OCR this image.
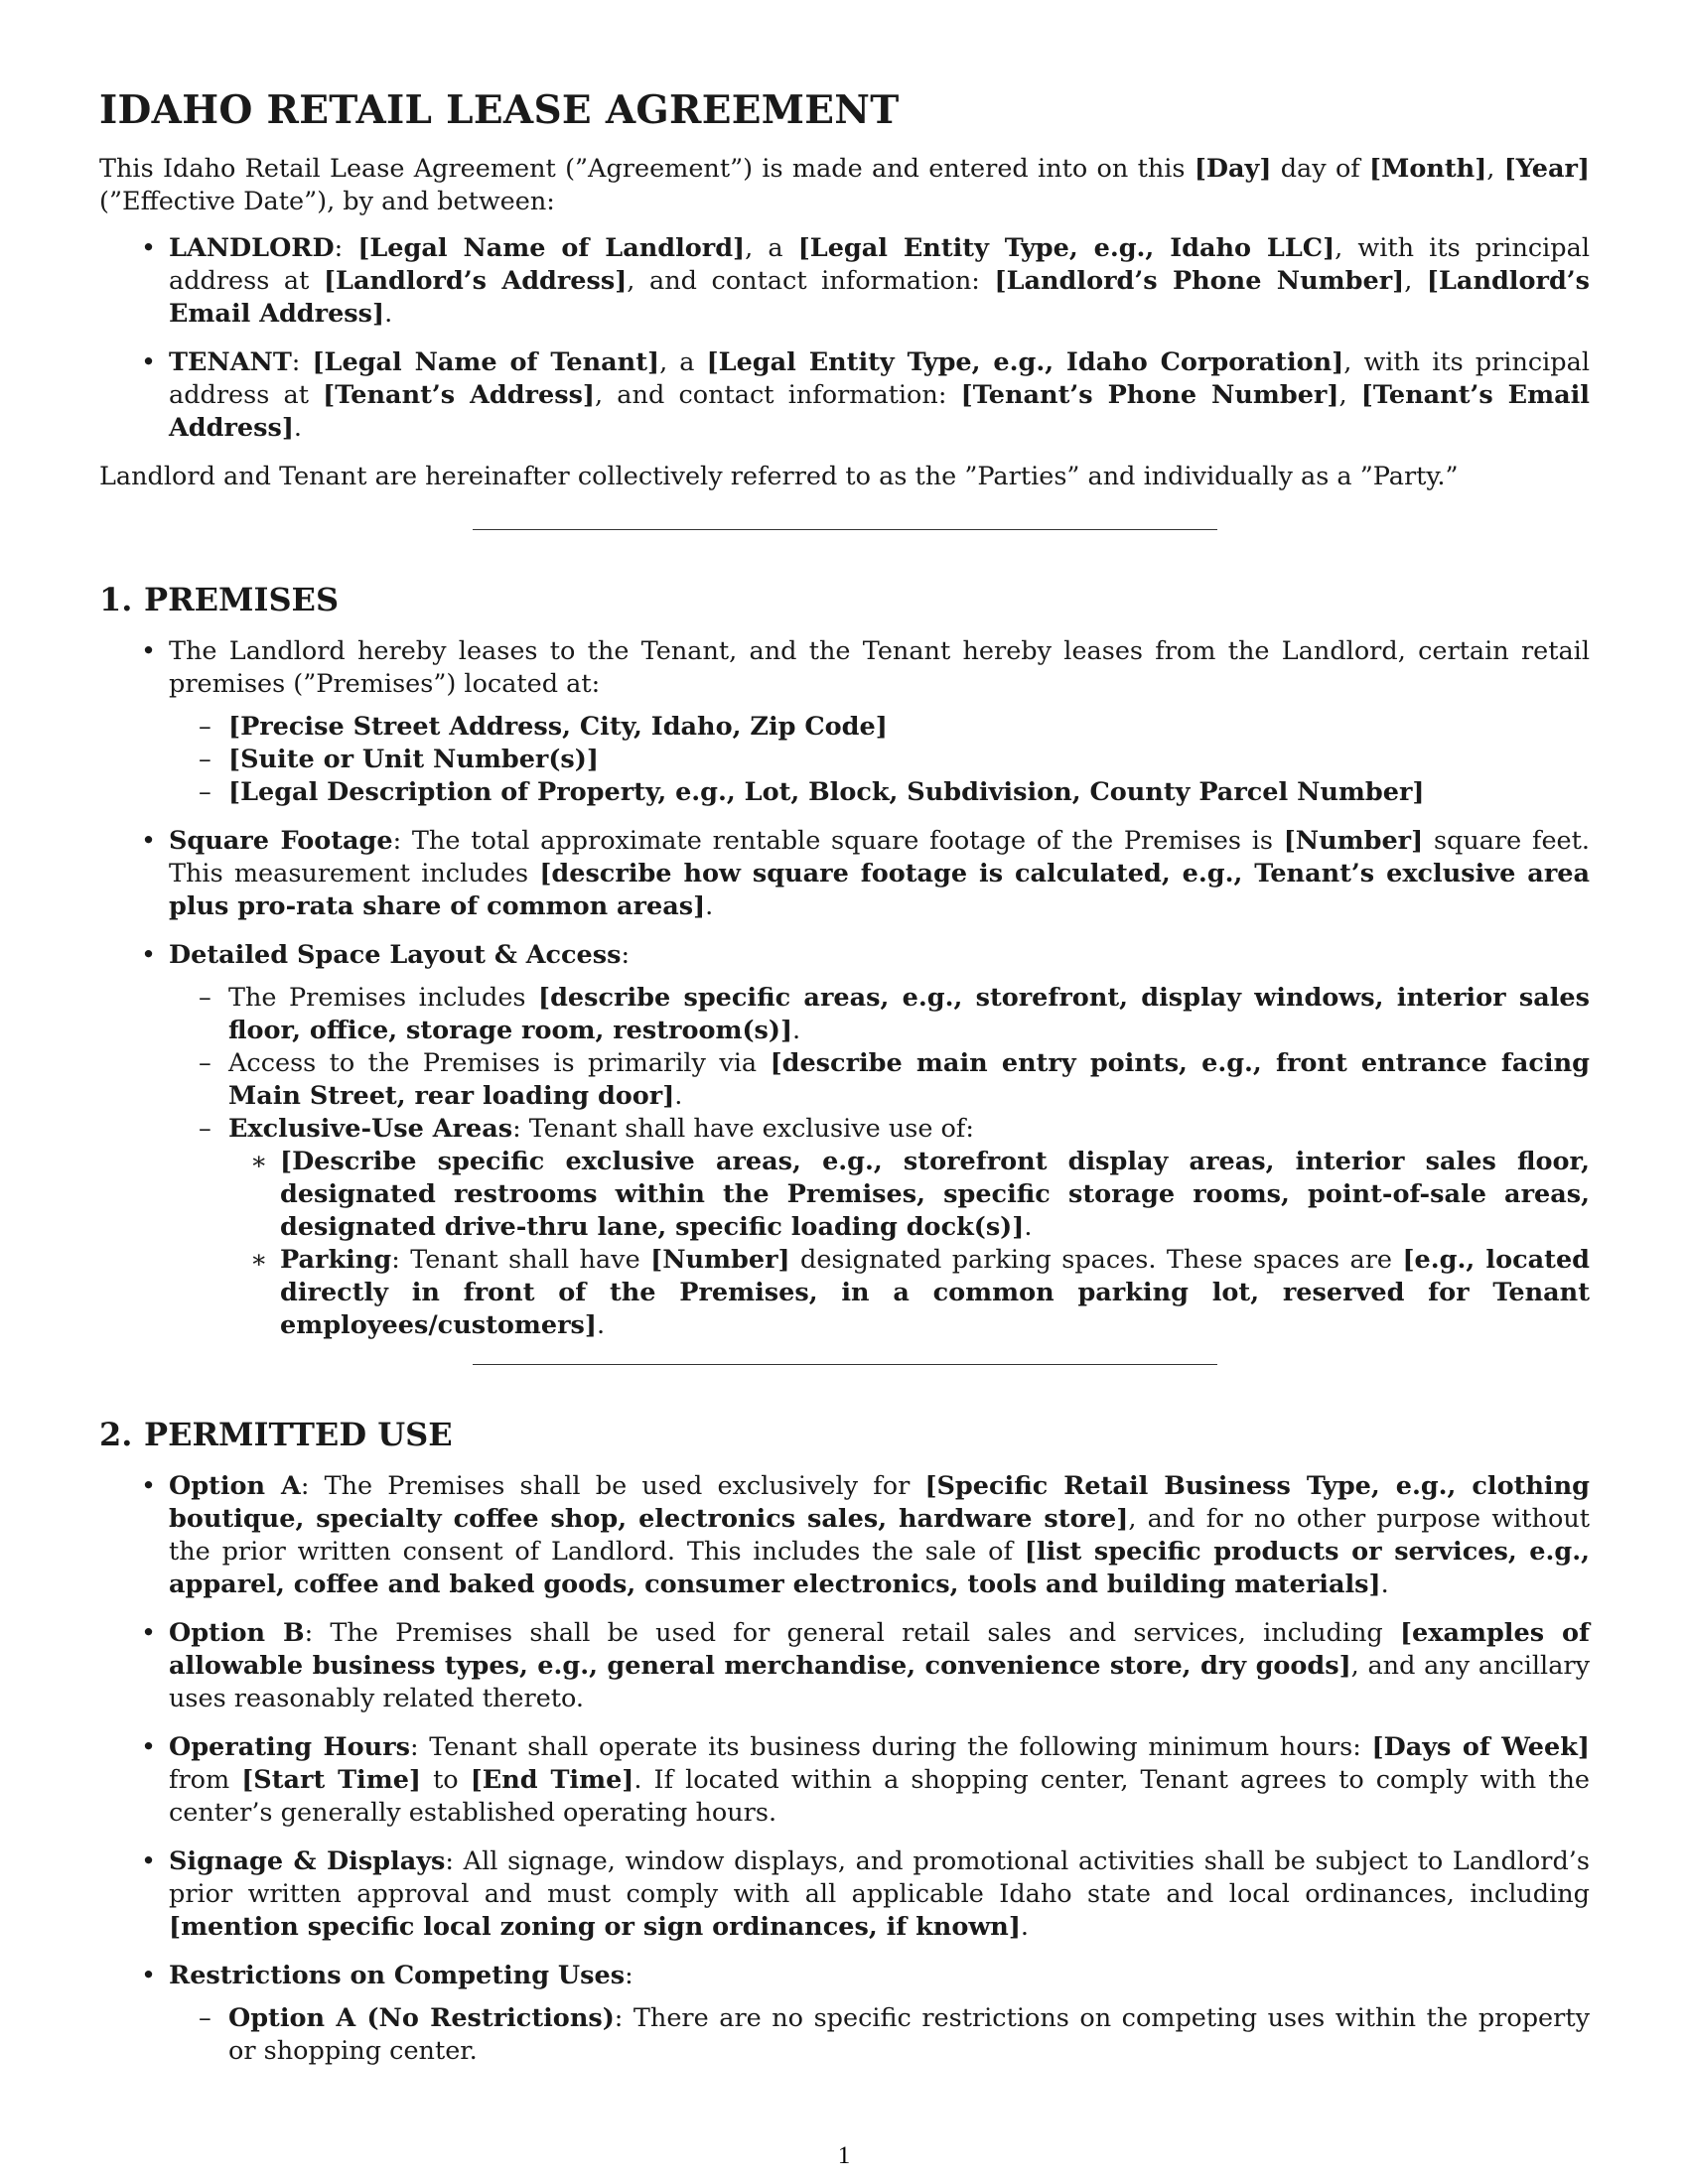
IDAHO RETAIL LEASE AGREEMENT

This Idaho Retail Lease Agreement (”Agreement”) is made and entered into on this [Day] day of [Month], [Year] (”Effective Date”), by and between:

• LANDLORD: [Legal Name of Landlord], a [Legal Entity Type, e.g., Idaho LLC], with its principal address at [Landlord’s Address], and contact information: [Landlord’s Phone Number], [Landlord’s Email Address].
• TENANT: [Legal Name of Tenant], a [Legal Entity Type, e.g., Idaho Corporation], with its principal address at [Tenant’s Address], and contact information: [Tenant’s Phone Number], [Tenant’s Email Address].

Landlord and Tenant are hereinafter collectively referred to as the ”Parties” and individually as a ”Party.”

1. PREMISES
• The Landlord hereby leases to the Tenant, and the Tenant hereby leases from the Landlord, certain retail premises (”Premises”) located at:
– [Precise Street Address, City, Idaho, Zip Code]
– [Suite or Unit Number(s)]
– [Legal Description of Property, e.g., Lot, Block, Subdivision, County Parcel Number]
• Square Footage: The total approximate rentable square footage of the Premises is [Number] square feet. This measurement includes [describe how square footage is calculated, e.g., Tenant’s exclusive area plus pro-rata share of common areas].
• Detailed Space Layout & Access:
– The Premises includes [describe specific areas, e.g., storefront, display windows, interior sales floor, office, storage room, restroom(s)].
– Access to the Premises is primarily via [describe main entry points, e.g., front entrance facing Main Street, rear loading door].
– Exclusive-Use Areas: Tenant shall have exclusive use of:
∗ [Describe specific exclusive areas, e.g., storefront display areas, interior sales floor, designated restrooms within the Premises, specific storage rooms, point-of-sale areas, designated drive-thru lane, specific loading dock(s)].
∗ Parking: Tenant shall have [Number] designated parking spaces. These spaces are [e.g., located directly in front of the Premises, in a common parking lot, reserved for Tenant employees/customers].
2. PERMITTED USE
• Option A: The Premises shall be used exclusively for [Specific Retail Business Type, e.g., clothing boutique, specialty coffee shop, electronics sales, hardware store], and for no other purpose without the prior written consent of Landlord. This includes the sale of [list specific products or services, e.g., apparel, coffee and baked goods, consumer electronics, tools and building materials].
• Option B: The Premises shall be used for general retail sales and services, including [examples of allowable business types, e.g., general merchandise, convenience store, dry goods], and any ancillary uses reasonably related thereto.
• Operating Hours: Tenant shall operate its business during the following minimum hours: [Days of Week] from [Start Time] to [End Time]. If located within a shopping center, Tenant agrees to comply with the center’s generally established operating hours.
• Signage & Displays: All signage, window displays, and promotional activities shall be subject to Landlord’s prior written approval and must comply with all applicable Idaho state and local ordinances, including [mention specific local zoning or sign ordinances, if known].
• Restrictions on Competing Uses:
– Option A (No Restrictions): There are no specific restrictions on competing uses within the property or shopping center.
1
